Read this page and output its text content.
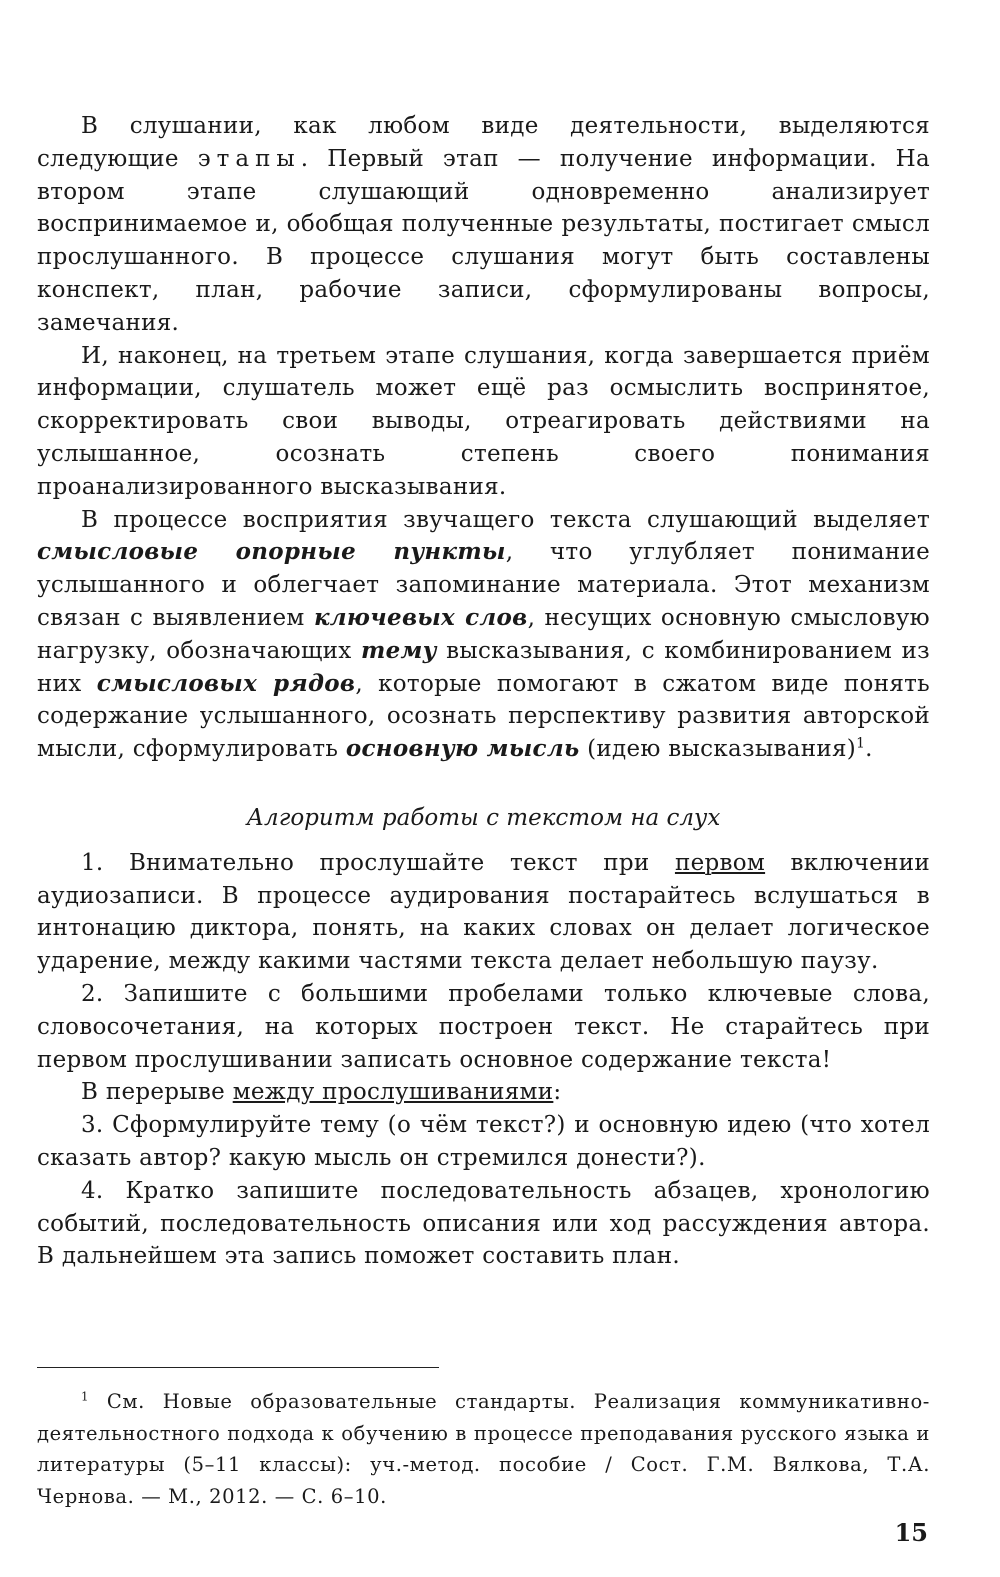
В слушании, как любом виде деятельности, выделяются следующие этапы. Первый этап — получение информации. На втором этапе слушающий одновременно анализирует воспринимаемое и, обобщая полученные результаты, постигает смысл прослушанного. В процессе слушания могут быть составлены конспект, план, рабочие записи, сформулированы вопросы, замечания.

И, наконец, на третьем этапе слушания, когда завершается приём информации, слушатель может ещё раз осмыслить воспринятое, скорректировать свои выводы, отреагировать действиями на услышанное, осознать степень своего понимания проанализированного высказывания.

В процессе восприятия звучащего текста слушающий выделяет смысловые опорные пункты, что углубляет понимание услышанного и облегчает запоминание материала. Этот механизм связан с выявлением ключевых слов, несущих основную смысловую нагрузку, обозначающих тему высказывания, с комбинированием из них смысловых рядов, которые помогают в сжатом виде понять содержание услышанного, осознать перспективу развития авторской мысли, сформулировать основную мысль (идею высказывания)$^1$.

Алгоритм работы с текстом на слух

1. Внимательно прослушайте текст при первом включении аудиозаписи. В процессе аудирования постарайтесь вслушаться в интонацию диктора, понять, на каких словах он делает логическое ударение, между какими частями текста делает небольшую паузу.

2. Запишите с большими пробелами только ключевые слова, словосочетания, на которых построен текст. Не старайтесь при первом прослушивании записать основное содержание текста!

В перерыве между прослушиваниями:

3. Сформулируйте тему (о чём текст?) и основную идею (что хотел сказать автор? какую мысль он стремился донести?).

4. Кратко запишите последовательность абзацев, хронологию событий, последовательность описания или ход рассуждения автора. В дальнейшем эта запись поможет составить план.

$^1$ См. Новые образовательные стандарты. Реализация коммуникативно-деятельностного подхода к обучению в процессе преподавания русского языка и литературы (5–11 классы): уч.-метод. пособие / Сост. Г.М. Вялкова, Т.А. Чернова. — М., 2012. — С. 6–10.

15
